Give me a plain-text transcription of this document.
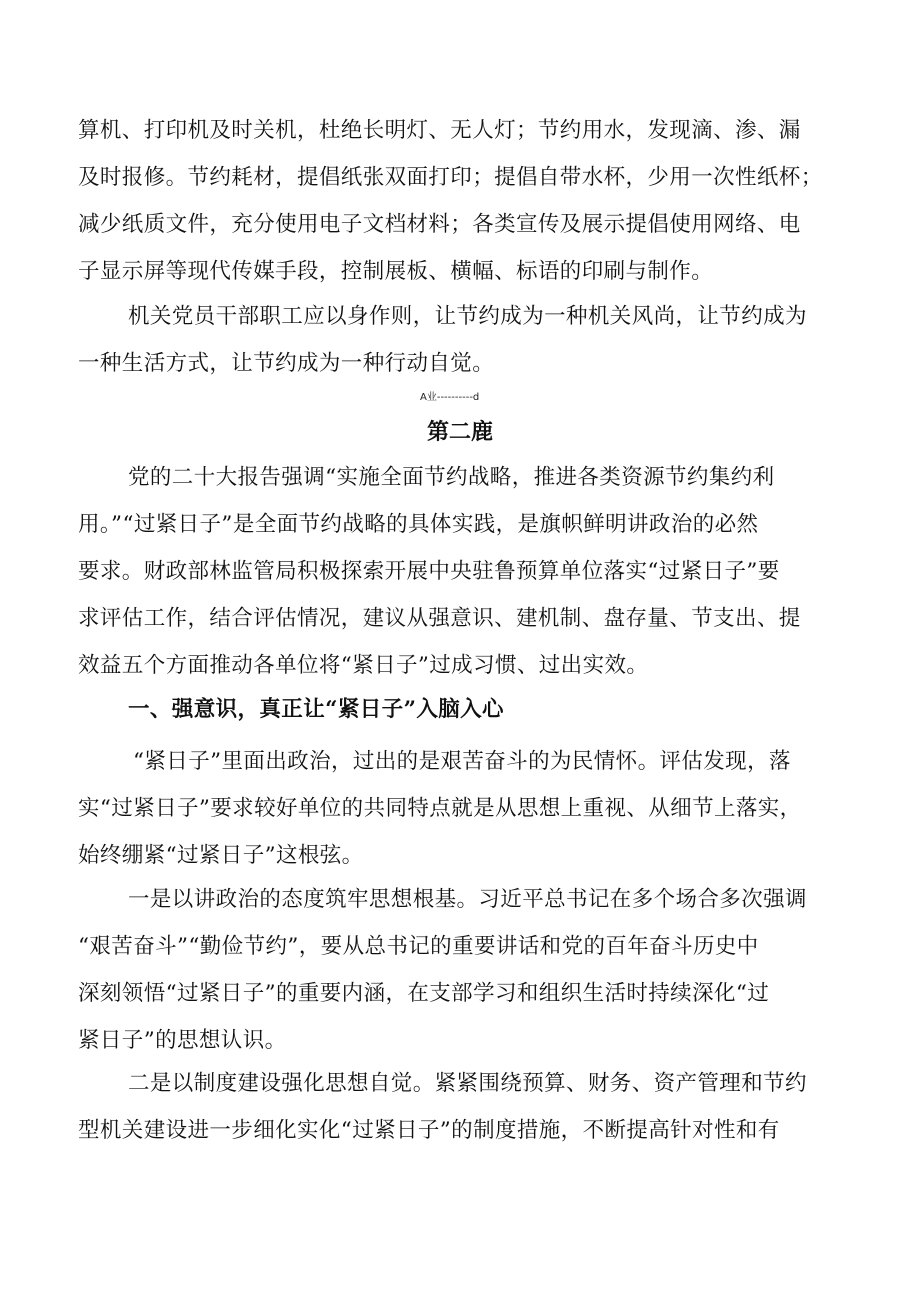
算机、打印机及时关机，杜绝长明灯、无人灯；节约用水，发现滴、渗、漏
及时报修。节约耗材，提倡纸张双面打印；提倡自带水杯，少用一次性纸杯；
减少纸质文件，充分使用电子文档材料；各类宣传及展示提倡使用网络、电
子显示屏等现代传媒手段，控制展板、横幅、标语的印刷与制作。
机关党员干部职工应以身作则，让节约成为一种机关风尚，让节约成为
一种生活方式，让节约成为一种行动自觉。
A业----------d
第二鹿
党的二十大报告强调“实施全面节约战略，推进各类资源节约集约利
用。”“过紧日子”是全面节约战略的具体实践，是旗帜鲜明讲政治的必然
要求。财政部林监管局积极探索开展中央驻鲁预算单位落实“过紧日子”要
求评估工作，结合评估情况，建议从强意识、建机制、盘存量、节支出、提
效益五个方面推动各单位将“紧日子”过成习惯、过出实效。
一、强意识，真正让“紧日子”入脑入心
“紧日子”里面出政治，过出的是艰苦奋斗的为民情怀。评估发现，落
实“过紧日子”要求较好单位的共同特点就是从思想上重视、从细节上落实，
始终绷紧“过紧日子”这根弦。
一是以讲政治的态度筑牢思想根基。习近平总书记在多个场合多次强调
“艰苦奋斗”“勤俭节约”，要从总书记的重要讲话和党的百年奋斗历史中
深刻领悟“过紧日子”的重要内涵，在支部学习和组织生活时持续深化“过
紧日子”的思想认识。
二是以制度建设强化思想自觉。紧紧围绕预算、财务、资产管理和节约
型机关建设进一步细化实化“过紧日子”的制度措施，不断提高针对性和有
